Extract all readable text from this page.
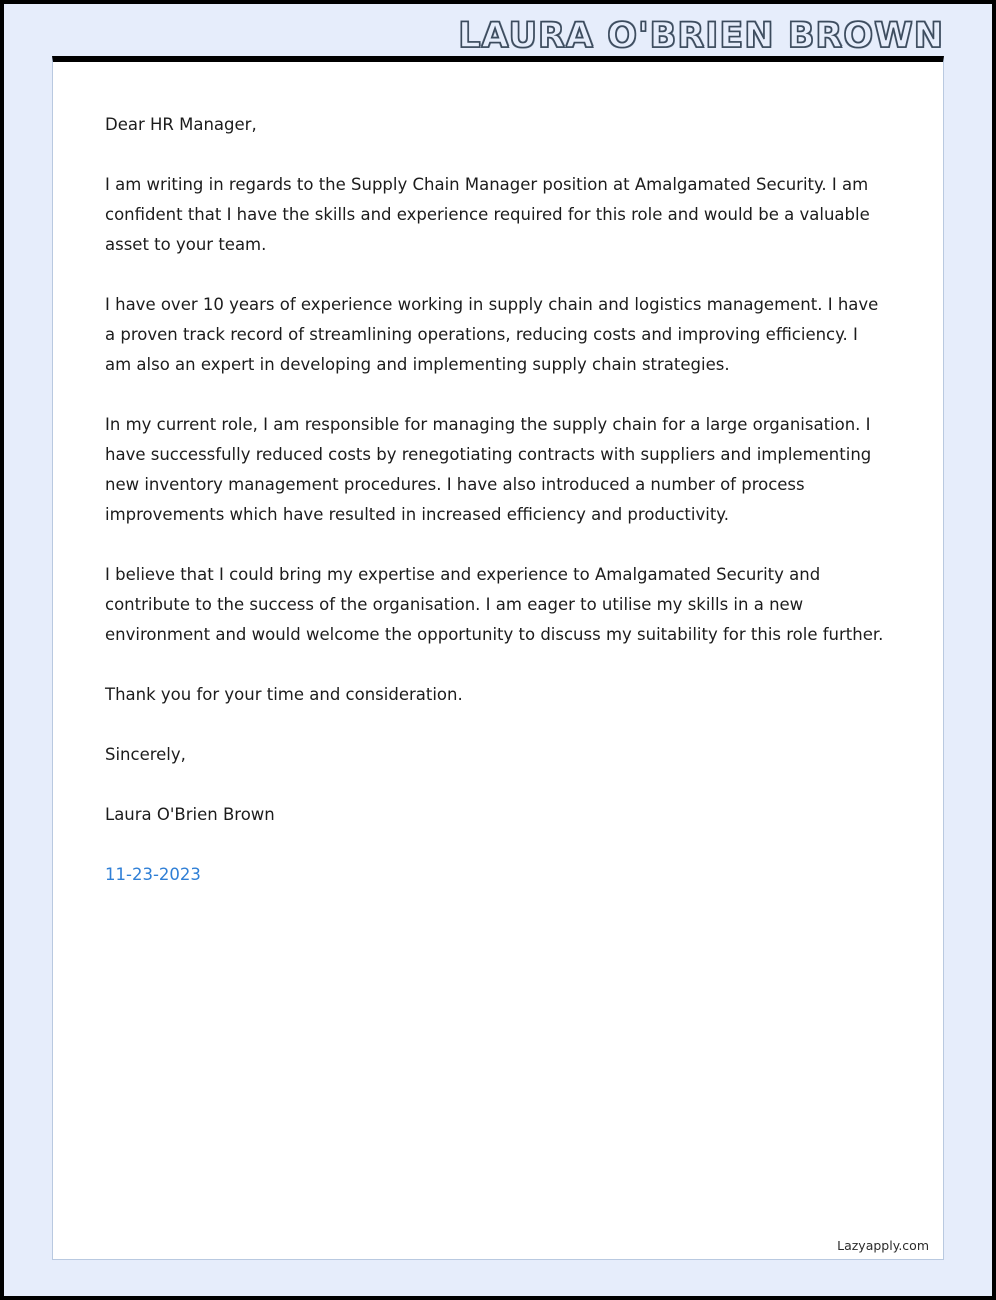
LAURA O'BRIEN BROWN

Dear HR Manager,

I am writing in regards to the Supply Chain Manager position at Amalgamated Security. I am confident that I have the skills and experience required for this role and would be a valuable asset to your team.

I have over 10 years of experience working in supply chain and logistics management. I have a proven track record of streamlining operations, reducing costs and improving efficiency. I am also an expert in developing and implementing supply chain strategies.

In my current role, I am responsible for managing the supply chain for a large organisation. I have successfully reduced costs by renegotiating contracts with suppliers and implementing new inventory management procedures. I have also introduced a number of process improvements which have resulted in increased efficiency and productivity.

I believe that I could bring my expertise and experience to Amalgamated Security and contribute to the success of the organisation. I am eager to utilise my skills in a new environment and would welcome the opportunity to discuss my suitability for this role further.

Thank you for your time and consideration.

Sincerely,

Laura O'Brien Brown

11-23-2023

Lazyapply.com
